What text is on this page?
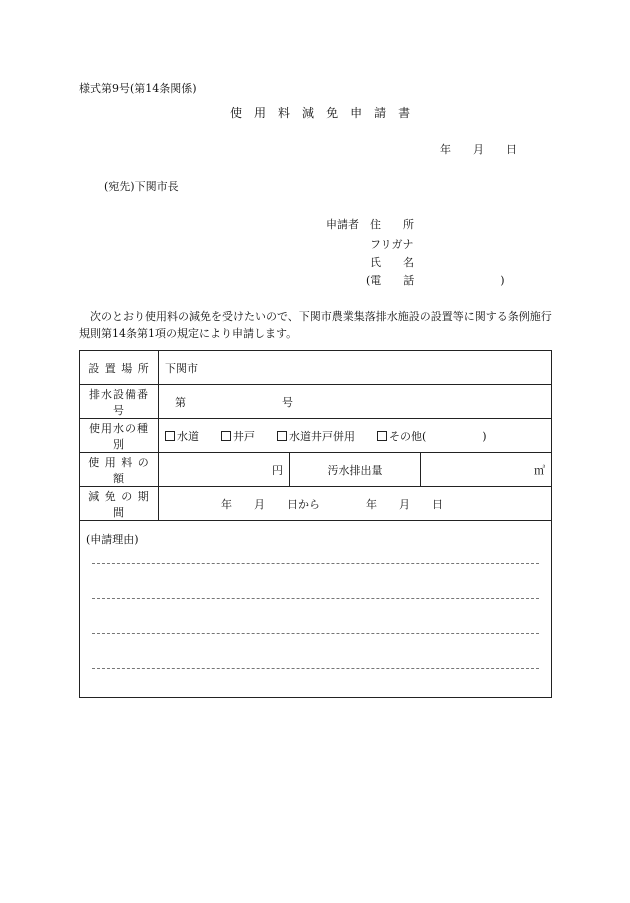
様式第9号(第14条関係)
使 用 料 減 免 申 請 書
年 月 日
(宛先)下関市長
申請者 住 所
フリガナ
氏 名
(電 話	)
次のとおり使用料の減免を受けたいので、下関市農業集落排水施設の設置等に関する条例施行規則第14条第1項の規定により申請します。
設 置 場 所	下関市		
排水設備番号	第 号		
使用水の種別	水道 井戸 水道井戸併用 その他( )		
使 用 料 の 額	円	汚水排出量	㎥
減 免 の 期 間	年 月 日から 年 月 日		

(申請理由)			
